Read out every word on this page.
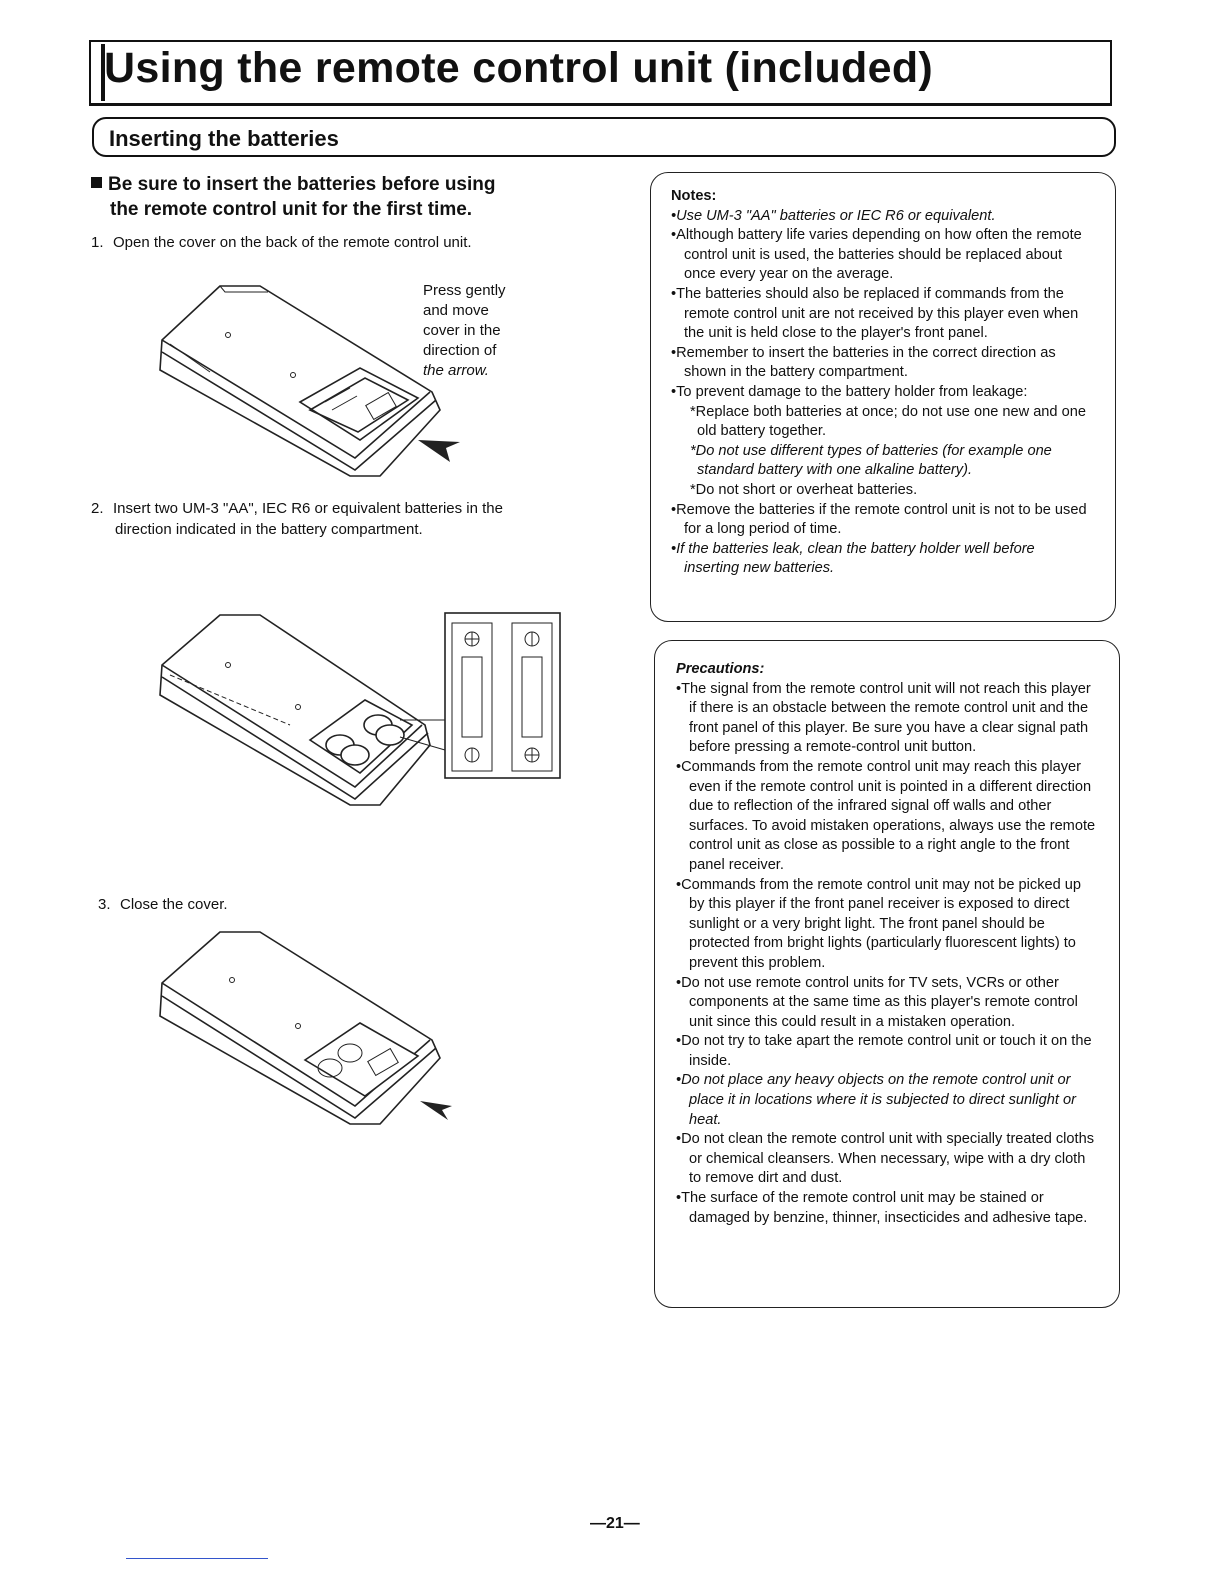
Using the remote control unit (included)
Inserting the batteries
Be sure to insert the batteries before using
the remote control unit for the first time.
1. Open the cover on the back of the remote control unit.
Press gently
and move
cover in the
direction of
the arrow.
2. Insert two UM-3 "AA", IEC R6 or equivalent batteries in the
direction indicated in the battery compartment.
3. Close the cover.
Notes:
•Use UM-3 "AA" batteries or IEC R6 or equivalent.
•Although battery life varies depending on how often the remote control unit is used, the batteries should be replaced about once every year on the average.
•The batteries should also be replaced if commands from the remote control unit are not received by this player even when the unit is held close to the player's front panel.
•Remember to insert the batteries in the correct direction as shown in the battery compartment.
•To prevent damage to the battery holder from leakage:
*Replace both batteries at once; do not use one new and one old battery together.
*Do not use different types of batteries (for example one standard battery with one alkaline battery).
*Do not short or overheat batteries.
•Remove the batteries if the remote control unit is not to be used for a long period of time.
•If the batteries leak, clean the battery holder well before inserting new batteries.
Precautions:
•The signal from the remote control unit will not reach this player if there is an obstacle between the remote control unit and the front panel of this player. Be sure you have a clear signal path before pressing a remote-control unit button.
•Commands from the remote control unit may reach this player even if the remote control unit is pointed in a different direction due to reflection of the infrared signal off walls and other surfaces. To avoid mistaken operations, always use the remote control unit as close as possible to a right angle to the front panel receiver.
•Commands from the remote control unit may not be picked up by this player if the front panel receiver is exposed to direct sunlight or a very bright light. The front panel should be protected from bright lights (particularly fluorescent lights) to prevent this problem.
•Do not use remote control units for TV sets, VCRs or other components at the same time as this player's remote control unit since this could result in a mistaken operation.
•Do not try to take apart the remote control unit or touch it on the inside.
•Do not place any heavy objects on the remote control unit or place it in locations where it is subjected to direct sunlight or heat.
•Do not clean the remote control unit with specially treated cloths or chemical cleansers. When necessary, wipe with a dry cloth to remove dirt and dust.
•The surface of the remote control unit may be stained or damaged by benzine, thinner, insecticides and adhesive tape.
—21—
